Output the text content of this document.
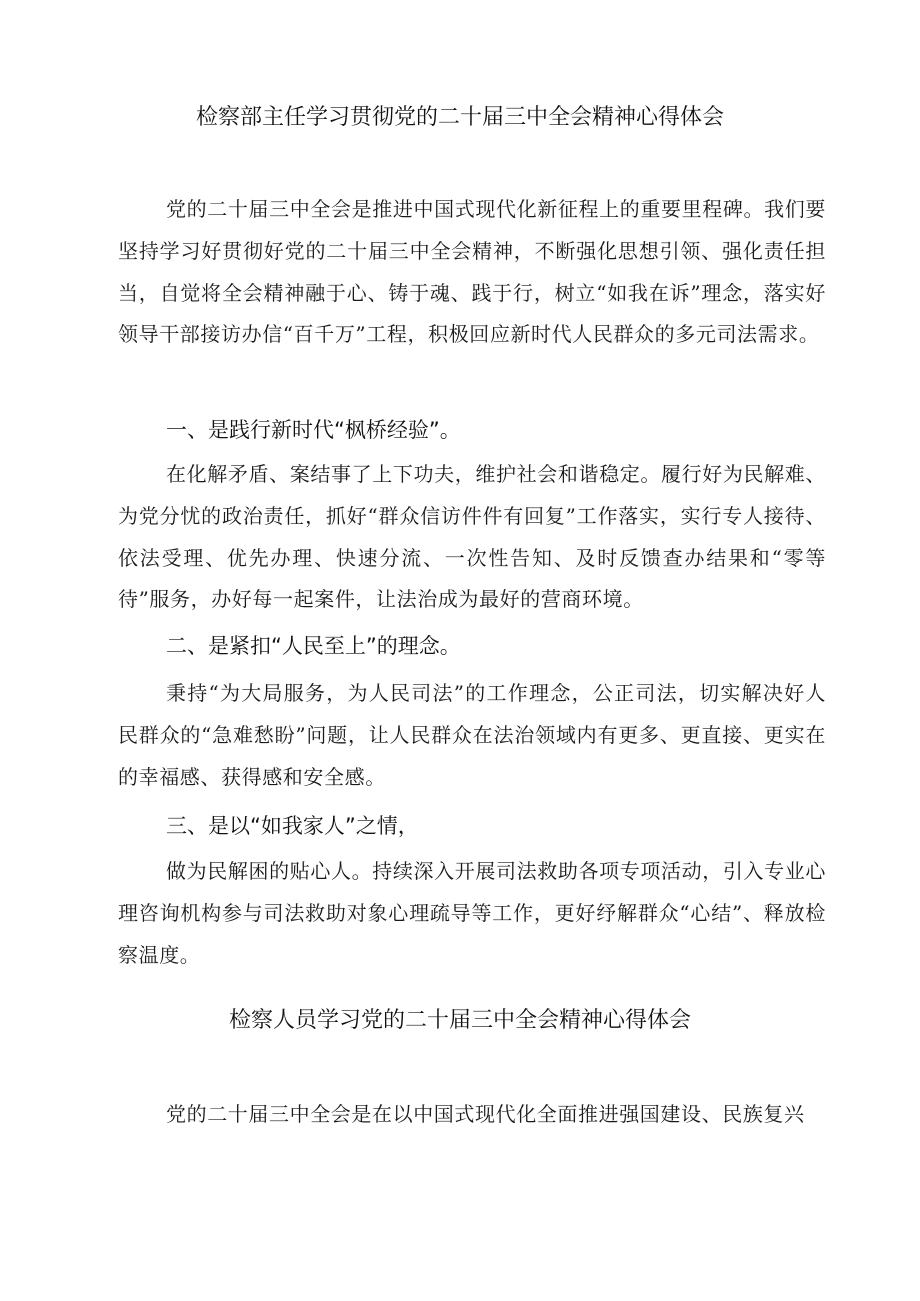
检察部主任学习贯彻党的二十届三中全会精神心得体会

党的二十届三中全会是推进中国式现代化新征程上的重要里程碑。我们要坚持学习好贯彻好党的二十届三中全会精神，不断强化思想引领、强化责任担当，自觉将全会精神融于心、铸于魂、践于行，树立“如我在诉”理念，落实好领导干部接访办信“百千万”工程，积极回应新时代人民群众的多元司法需求。

一、是践行新时代“枫桥经验”。

在化解矛盾、案结事了上下功夫，维护社会和谐稳定。履行好为民解难、为党分忧的政治责任，抓好“群众信访件件有回复”工作落实，实行专人接待、依法受理、优先办理、快速分流、一次性告知、及时反馈查办结果和“零等待”服务，办好每一起案件，让法治成为最好的营商环境。

二、是紧扣“人民至上”的理念。

秉持“为大局服务，为人民司法”的工作理念，公正司法，切实解决好人民群众的“急难愁盼”问题，让人民群众在法治领域内有更多、更直接、更实在的幸福感、获得感和安全感。

三、是以“如我家人”之情，

做为民解困的贴心人。持续深入开展司法救助各项专项活动，引入专业心理咨询机构参与司法救助对象心理疏导等工作，更好纾解群众“心结”、释放检察温度。

检察人员学习党的二十届三中全会精神心得体会

党的二十届三中全会是在以中国式现代化全面推进强国建设、民族复兴
